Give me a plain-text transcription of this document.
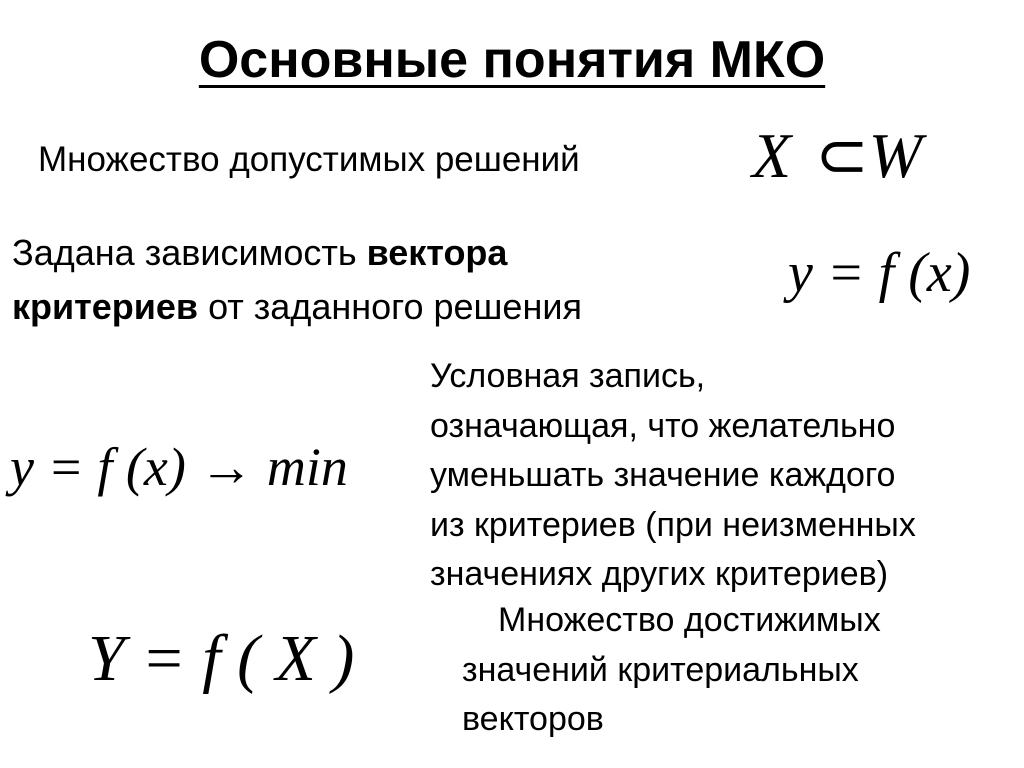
Основные понятия МКО
Множество допустимых решений	X ⊂W
Задана зависимость вектора
критериев от заданного решения
y = f (x)
y = f (x) → min
Условная запись,
означающая, что желательно
уменьшать значение каждого
из критериев (при неизменных
значениях других критериев)
Y = f ( X )
Множество достижимых
значений критериальных
векторов
